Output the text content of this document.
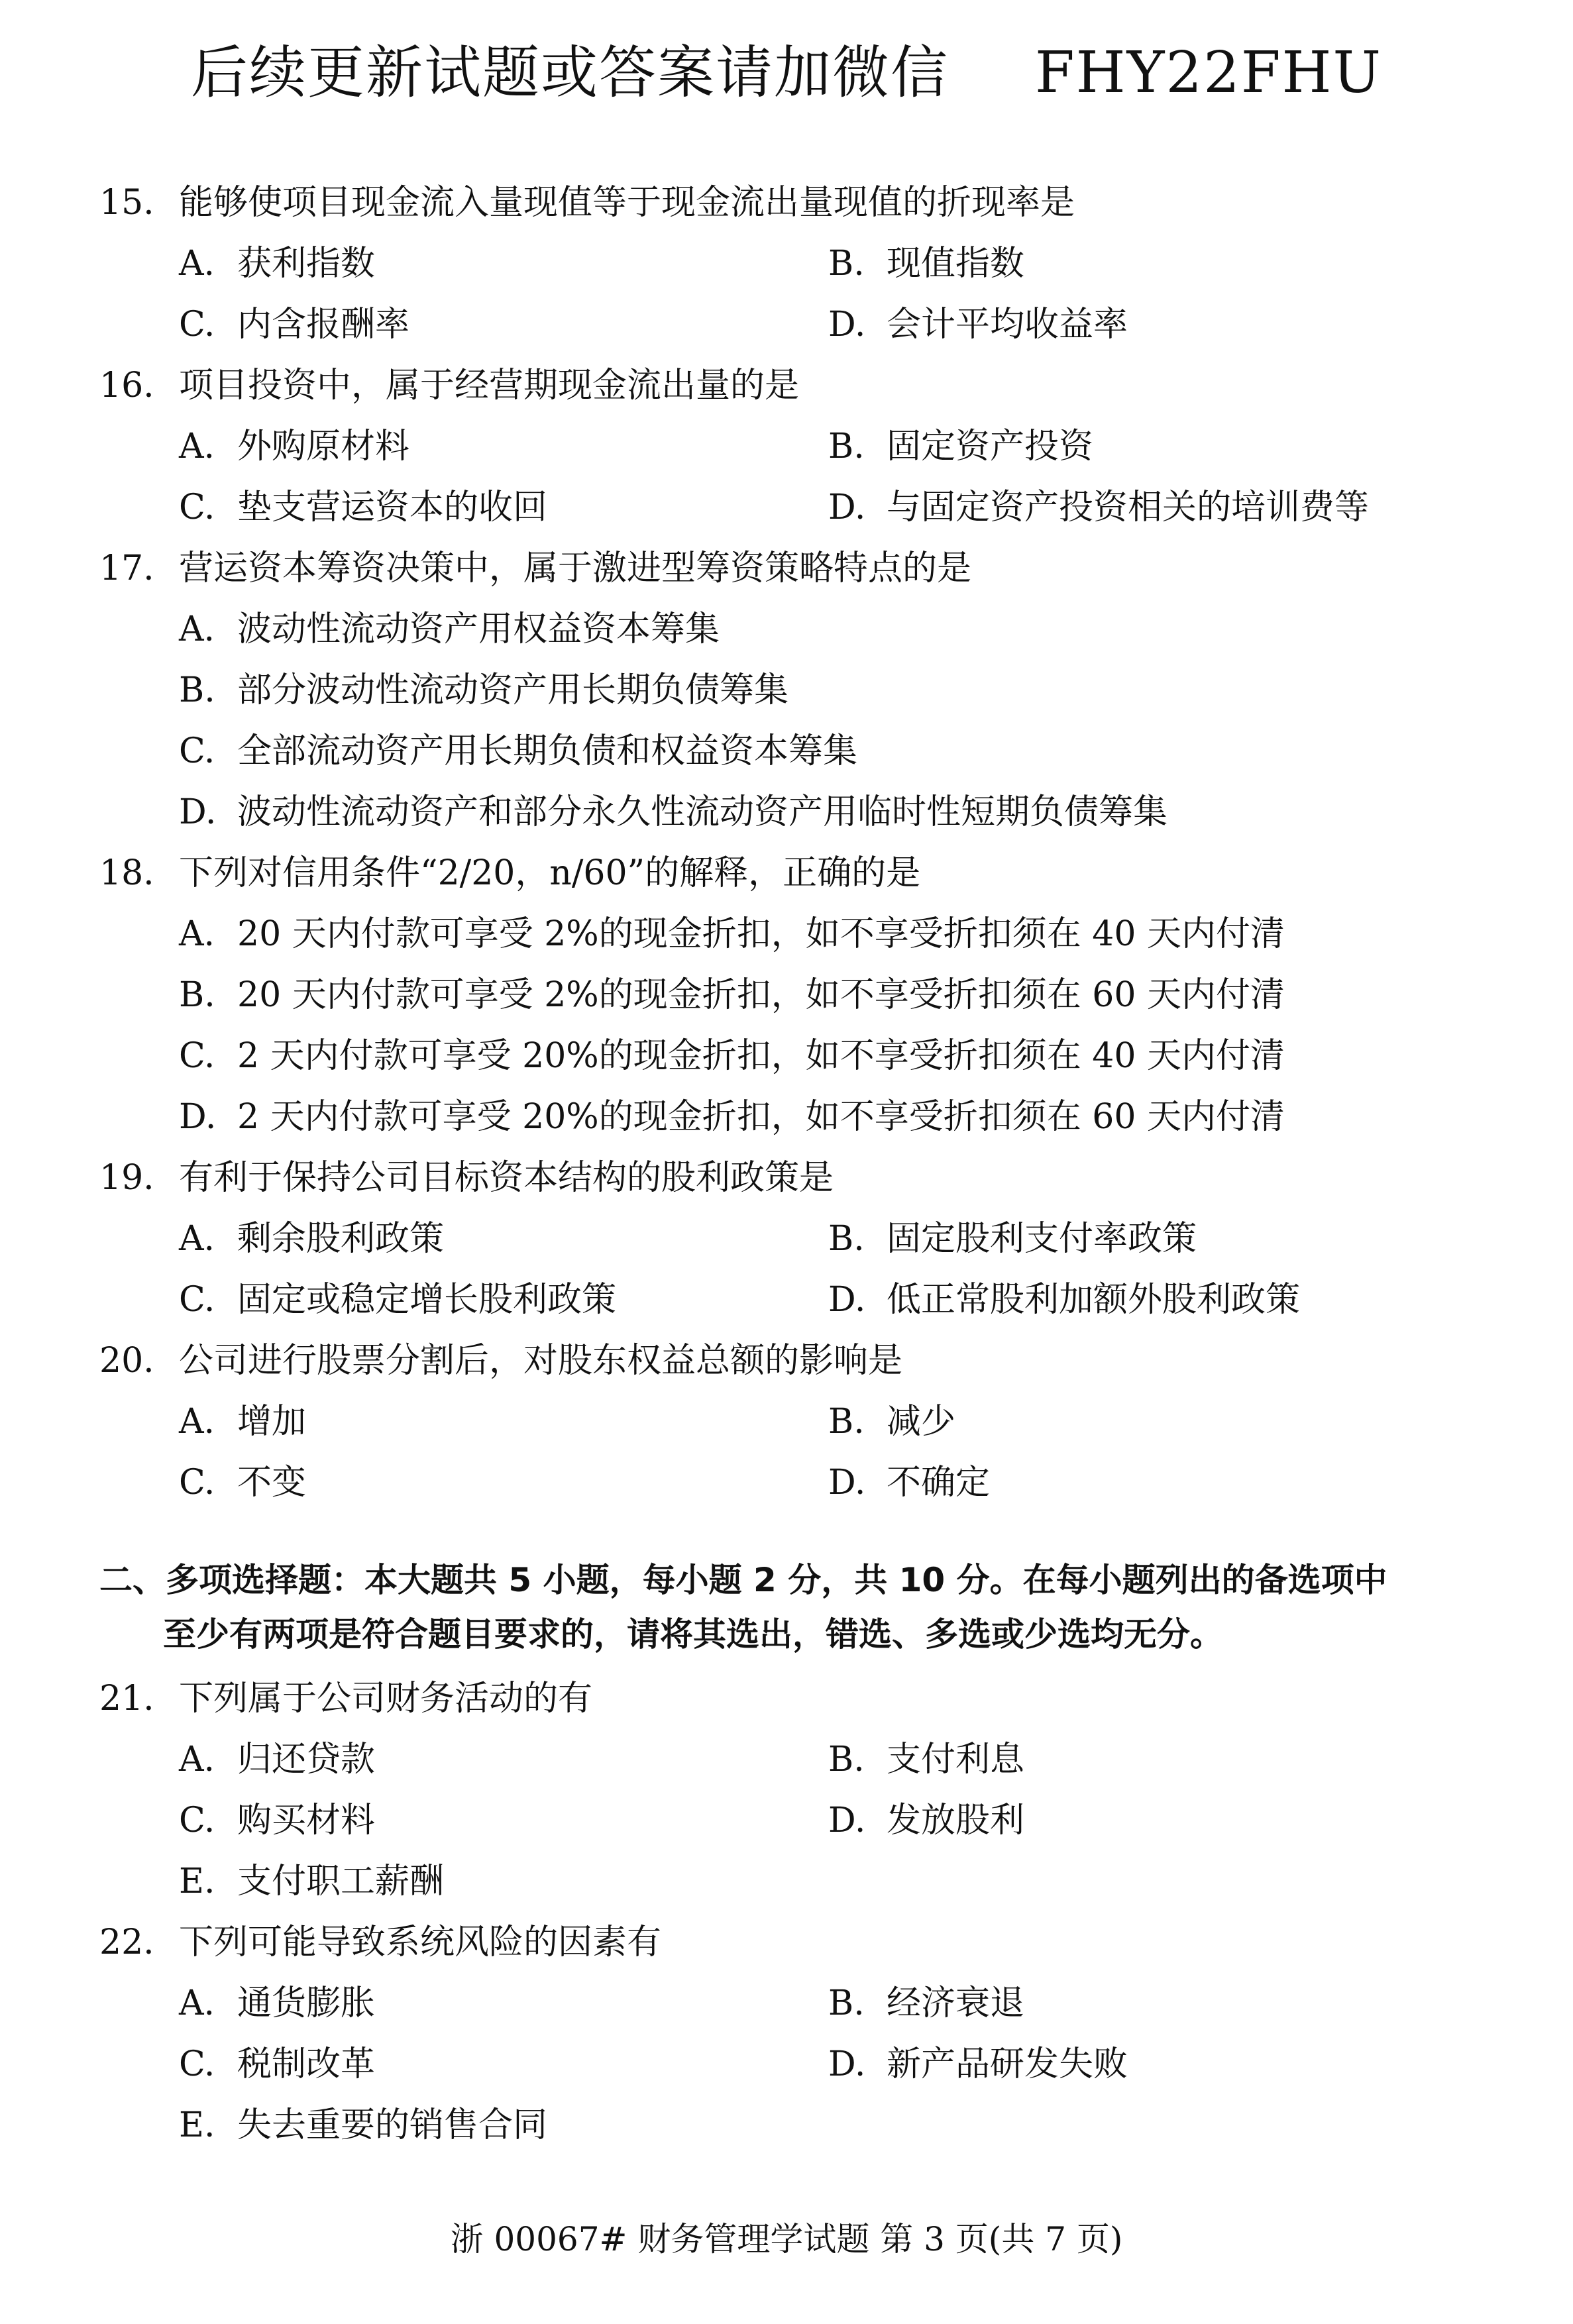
后续更新试题或答案请加微信 FHY22FHU
15. 能够使项目现金流入量现值等于现金流出量现值的折现率是
A. 获利指数	B. 现值指数
C. 内含报酬率	D. 会计平均收益率
16. 项目投资中，属于经营期现金流出量的是
A. 外购原材料	B. 固定资产投资
C. 垫支营运资本的收回	D. 与固定资产投资相关的培训费等
17. 营运资本筹资决策中，属于激进型筹资策略特点的是
A. 波动性流动资产用权益资本筹集
B. 部分波动性流动资产用长期负债筹集
C. 全部流动资产用长期负债和权益资本筹集
D. 波动性流动资产和部分永久性流动资产用临时性短期负债筹集
18. 下列对信用条件“2/20，n/60”的解释，正确的是
A. 20 天内付款可享受 2%的现金折扣，如不享受折扣须在 40 天内付清
B. 20 天内付款可享受 2%的现金折扣，如不享受折扣须在 60 天内付清
C. 2 天内付款可享受 20%的现金折扣，如不享受折扣须在 40 天内付清
D. 2 天内付款可享受 20%的现金折扣，如不享受折扣须在 60 天内付清
19. 有利于保持公司目标资本结构的股利政策是
A. 剩余股利政策	B. 固定股利支付率政策
C. 固定或稳定增长股利政策	D. 低正常股利加额外股利政策
20. 公司进行股票分割后，对股东权益总额的影响是
A. 增加	B. 减少
C. 不变	D. 不确定
二、多项选择题：本大题共 5 小题，每小题 2 分，共 10 分。在每小题列出的备选项中
至少有两项是符合题目要求的，请将其选出，错选、多选或少选均无分。
21. 下列属于公司财务活动的有
A. 归还贷款	B. 支付利息
C. 购买材料	D. 发放股利
E. 支付职工薪酬
22. 下列可能导致系统风险的因素有
A. 通货膨胀	B. 经济衰退
C. 税制改革	D. 新产品研发失败
E. 失去重要的销售合同
浙 00067# 财务管理学试题 第 3 页(共 7 页)
